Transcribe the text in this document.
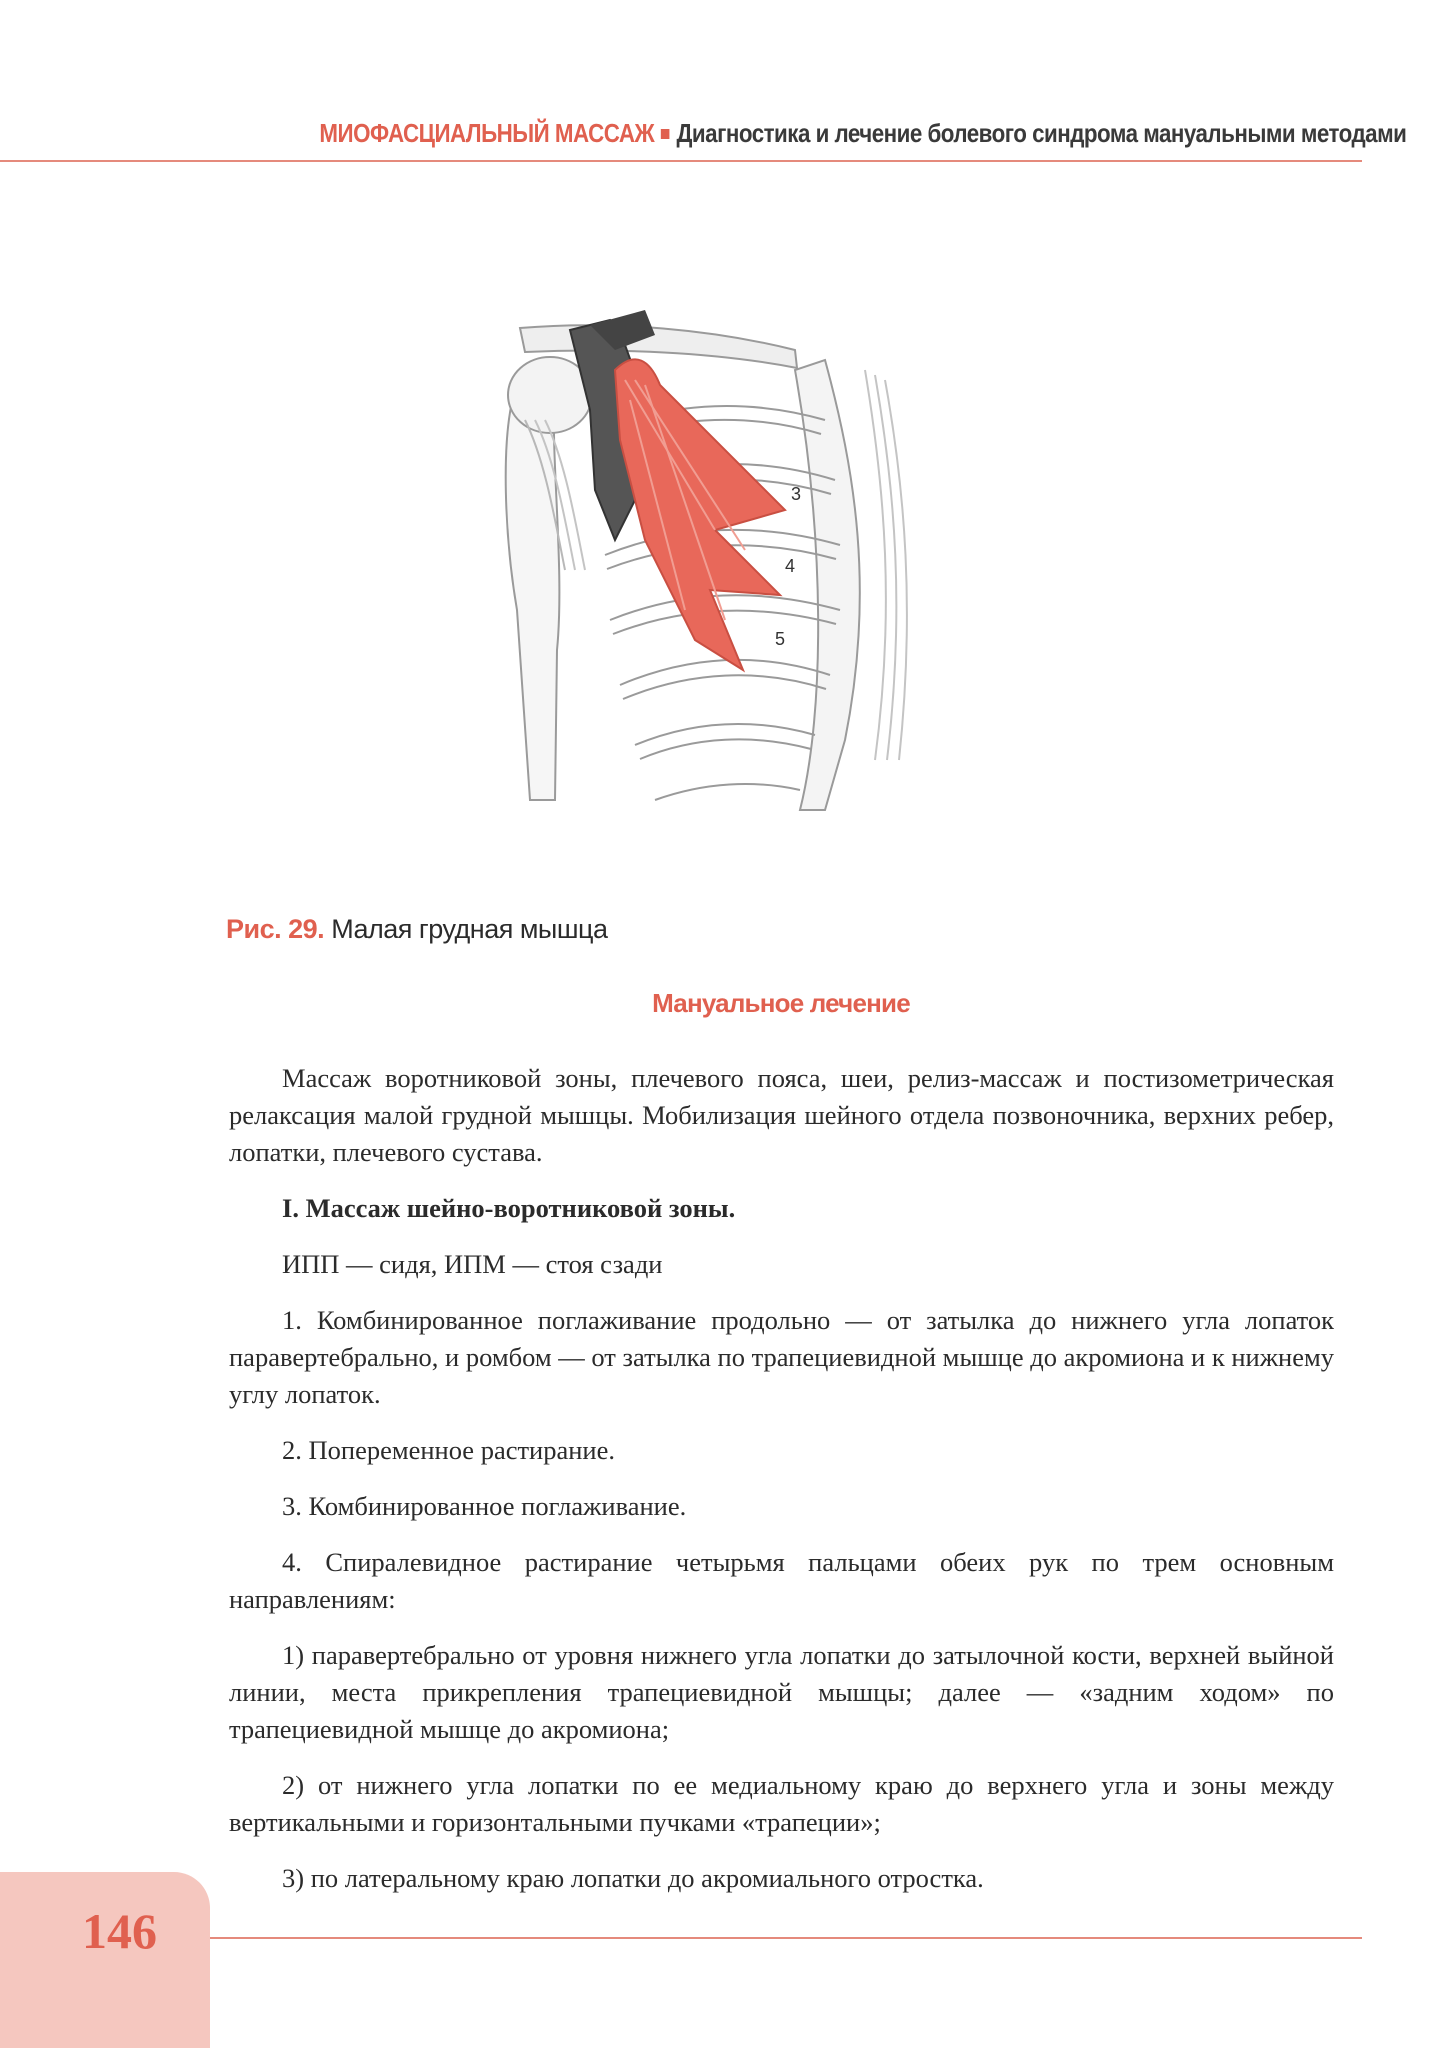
МИОФАСЦИАЛЬНЫЙ МАССАЖ Диагностика и лечение болевого синдрома мануальными методами
3
4
5
Рис. 29. Малая грудная мышца
Мануальное лечение

Массаж воротниковой зоны, плечевого пояса, шеи, релиз-массаж и постизометрическая релаксация малой грудной мышцы. Мобилизация шейного отдела позвоночника, верхних ребер, лопатки, плечевого сустава.

I. Массаж шейно-воротниковой зоны.

ИПП — сидя, ИПМ — стоя сзади

1. Комбинированное поглаживание продольно — от затылка до нижнего угла лопаток паравертебрально, и ромбом — от затылка по трапециевидной мышце до акромиона и к нижнему углу лопаток.

2. Попеременное растирание.

3. Комбинированное поглаживание.

4. Спиралевидное растирание четырьмя пальцами обеих рук по трем основным направлениям:

1) паравертебрально от уровня нижнего угла лопатки до затылочной кости, верхней выйной линии, места прикрепления трапециевидной мышцы; далее — «задним ходом» по трапециевидной мышце до акромиона;

2) от нижнего угла лопатки по ее медиальному краю до верхнего угла и зоны между вертикальными и горизонтальными пучками «трапеции»;

3) по латеральному краю лопатки до акромиального отростка.

146
